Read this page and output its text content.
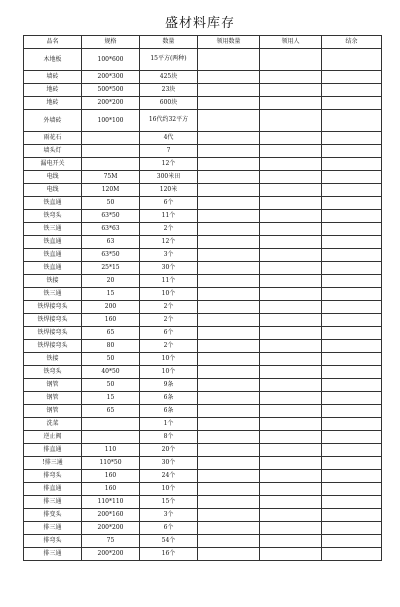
盛材料库存
品名	规格	数量	领用数量	领用人	结余
木地板	100*600	15平方(两种)			
墙砖	200*300	425块			
地砖	500*500	23块			
地砖	200*200	600块			
外墙砖	100*100	16代约32平方			
雨花石		4代			
墙头灯		7			
漏电开关		12个			
电线	75M	300米田			
电线	120M	120米			
铁直通	50	6个			
铁弯头	63*50	11个			
铁三通	63*63	2个			
铁直通	63	12个			
铁直通	63*50	3个			
铁直通	25*15	30个			
铁接	20	11个			
铁三通	15	10个			
铁焊接弯头	200	2个			
铁焊接弯头	160	2个			
铁焊接弯头	65	6个			
铁焊接弯头	80	2个			
铁接	50	10个			
铁弯头	40*50	10个			
钢管	50	9条			
钢管	15	6条			
钢管	65	6条			
洗菜		1个			
逆止阀		8个			
排直通	110	20个			
!排三通	110*50	30个			
排弯头	160	24个			
排直通	160	10个			
排三通	110*110	15个			
排变头	200*160	3个			
排三通	200*200	6个			
排弯头	75	54个			
排三通	200*200	16个			
